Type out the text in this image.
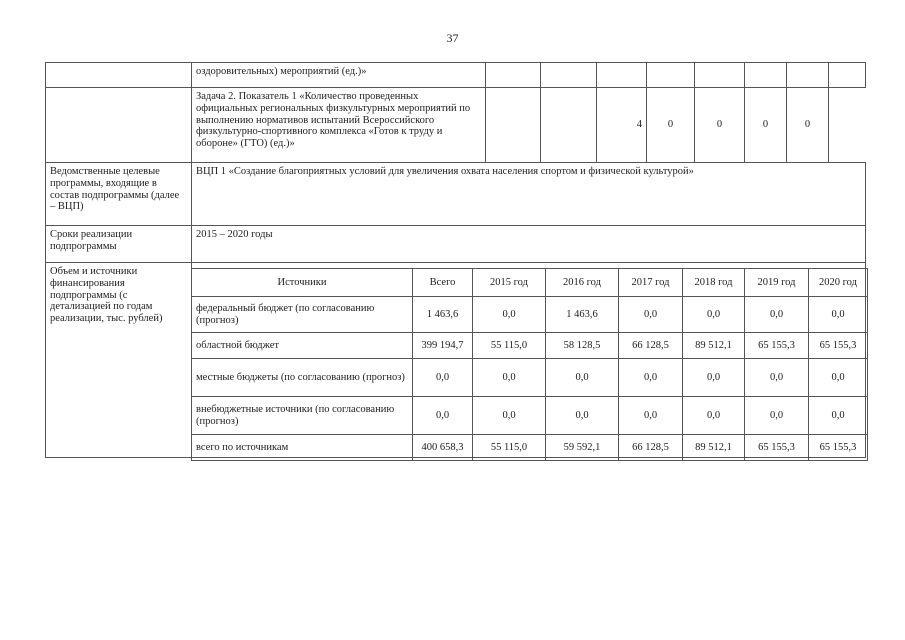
37
	оздоровительных) мероприятий (ед.)»								
	Задача 2. Показатель 1 «Количество проведенных официальных региональных физкультурных мероприятий по выполнению нормативов испытаний Всероссийского физкультурно-спортивного комплекса «Готов к труду и обороне» (ГТО) (ед.)»			4	0	0	0	0	
Ведомственные целевые программы, входящие в состав подпрограммы (далее – ВЦП)	ВЦП 1 «Создание благоприятных условий для увеличения охвата населения спортом и физической культурой»								
Сроки реализации подпрограммы	2015 – 2020 годы								
Объем и источники финансирования подпрограммы (с детализацией по годам реализации, тыс. рублей)									
Источники	Всего	2015 год	2016 год	2017 год	2018 год	2019 год	2020 год
федеральный бюджет (по согласованию (прогноз)	1 463,6	0,0	1 463,6	0,0	0,0	0,0	0,0
областной бюджет	399 194,7	55 115,0	58 128,5	66 128,5	89 512,1	65 155,3	65 155,3
местные бюджеты (по согласованию (прогноз)	0,0	0,0	0,0	0,0	0,0	0,0	0,0
внебюджетные источники (по согласованию (прогноз)	0,0	0,0	0,0	0,0	0,0	0,0	0,0
всего по источникам	400 658,3	55 115,0	59 592,1	66 128,5	89 512,1	65 155,3	65 155,3
